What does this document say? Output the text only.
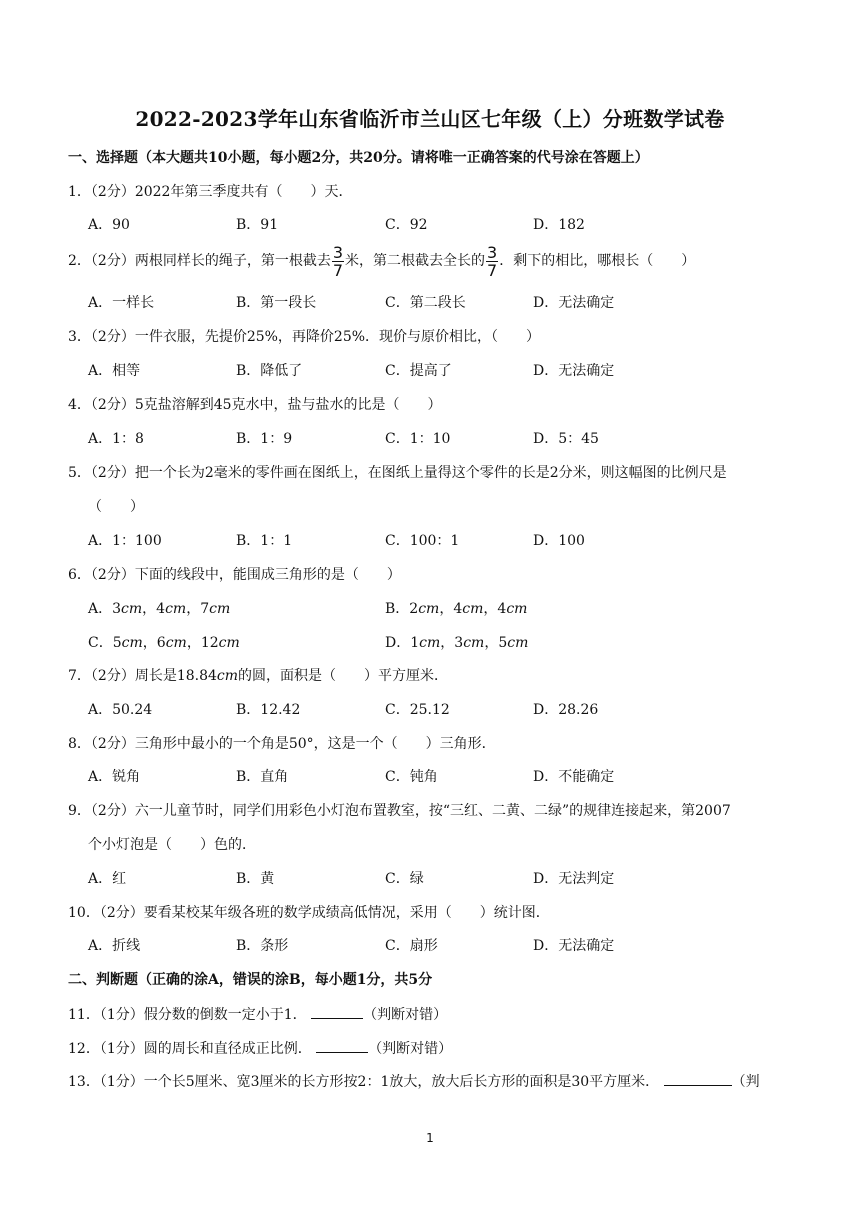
2022-2023学年山东省临沂市兰山区七年级（上）分班数学试卷
一、选择题（本大题共10小题，每小题2分，共20分。请将唯一正确答案的代号涂在答题上）
1．（2分）2022年第三季度共有（　　）天．
A．90	B．91	C．92	D．182
2．（2分）两根同样长的绳子，第一根截去 $\frac{3}{7}$ 米，第二根截去全长的 $\frac{3}{7}$ ．剩下的相比，哪根长（　　）
A．一样长	B．第一段长	C．第二段长	D．无法确定
3．（2分）一件衣服，先提价25%，再降价25%．现价与原价相比，（　　）
A．相等	B．降低了	C．提高了	D．无法确定
4．（2分）5克盐溶解到45克水中，盐与盐水的比是（　　）
A．1：8	B．1：9	C．1：10	D．5：45
5．（2分）把一个长为2毫米的零件画在图纸上，在图纸上量得这个零件的长是2分米，则这幅图的比例尺是
（　　）
A．1：100	B．1：1	C．100：1	D．100
6．（2分）下面的线段中，能围成三角形的是（　　）
A．3cm，4cm，7cm	B．2cm，4cm，4cm
C．5cm，6cm，12cm	D．1cm，3cm，5cm
7．（2分）周长是18.84cm的圆，面积是（　　）平方厘米．
A．50.24	B．12.42	C．25.12	D．28.26
8．（2分）三角形中最小的一个角是50°，这是一个（　　）三角形．
A．锐角	B．直角	C．钝角	D．不能确定
9．（2分）六一儿童节时，同学们用彩色小灯泡布置教室，按“三红、二黄、二绿”的规律连接起来，第2007
个小灯泡是（　　）色的．
A．红	B．黄	C．绿	D．无法判定
10．（2分）要看某校某年级各班的数学成绩高低情况，采用（　　）统计图．
A．折线	B．条形	C．扇形	D．无法确定
二、判断题（正确的涂A，错误的涂B，每小题1分，共5分
11．（1分）假分数的倒数一定小于1．	（判断对错）
12．（1分）圆的周长和直径成正比例．	（判断对错）
13．（1分）一个长5厘米、宽3厘米的长方形按2：1放大，放大后长方形的面积是30平方厘米．	（判
1
